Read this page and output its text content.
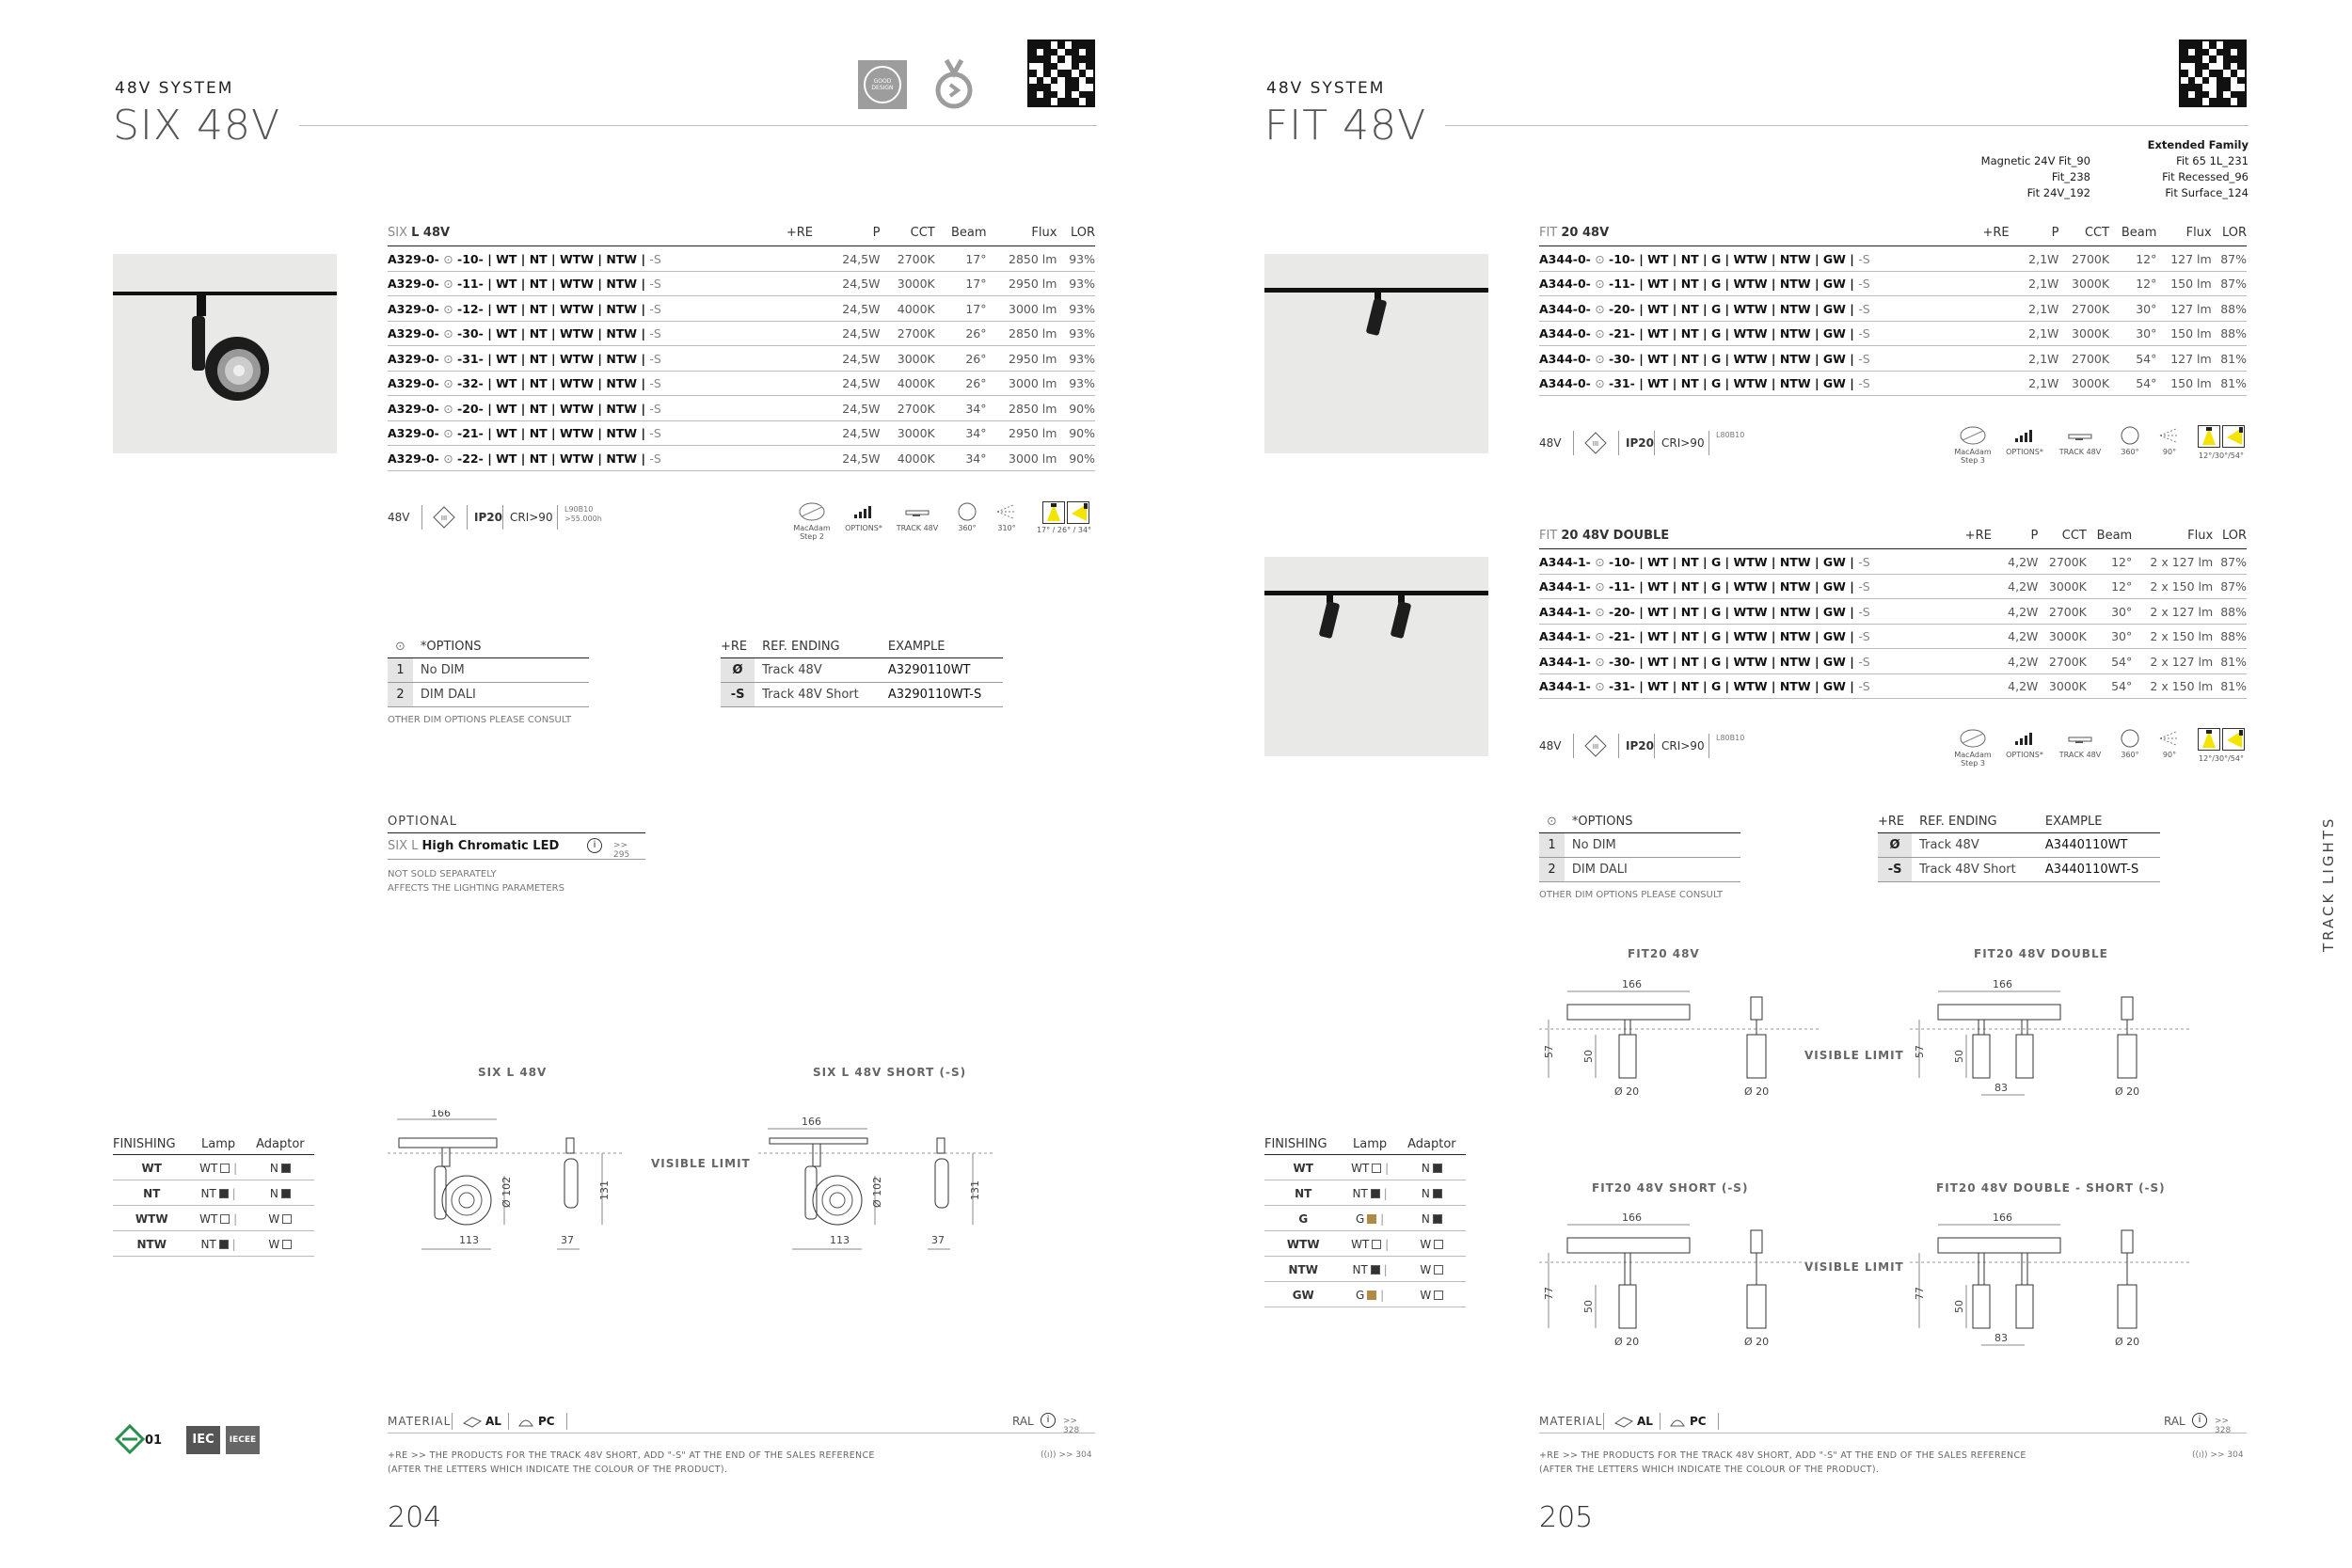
48V SYSTEM
SIX 48V
GOOD DESIGN
SIX L 48V	+RE	P	CCT	Beam	Flux	LOR
A329-0- ⊙ -10- | WT | NT | WTW | NTW | -S		24,5W	2700K	17°	2850 lm	93%
A329-0- ⊙ -11- | WT | NT | WTW | NTW | -S		24,5W	3000K	17°	2950 lm	93%
A329-0- ⊙ -12- | WT | NT | WTW | NTW | -S		24,5W	4000K	17°	3000 lm	93%
A329-0- ⊙ -30- | WT | NT | WTW | NTW | -S		24,5W	2700K	26°	2850 lm	93%
A329-0- ⊙ -31- | WT | NT | WTW | NTW | -S		24,5W	3000K	26°	2950 lm	93%
A329-0- ⊙ -32- | WT | NT | WTW | NTW | -S		24,5W	4000K	26°	3000 lm	93%
A329-0- ⊙ -20- | WT | NT | WTW | NTW | -S		24,5W	2700K	34°	2850 lm	90%
A329-0- ⊙ -21- | WT | NT | WTW | NTW | -S		24,5W	3000K	34°	2950 lm	90%
A329-0- ⊙ -22- | WT | NT | WTW | NTW | -S		24,5W	4000K	34°	3000 lm	90%
48V	III IP20 CRI>90
L90B10
>55.000h
MacAdam Step 2
OPTIONS* TRACK 48V	360°	310°	17° / 26° / 34°
⊙	*OPTIONS
1	No DIM
2	DIM DALI
OTHER DIM OPTIONS PLEASE CONSULT
+RE	REF. ENDING	EXAMPLE
Ø	Track 48V	A3290110WT
-S	Track 48V Short	A3290110WT-S
OPTIONAL
SIX L High Chromatic LED	i	>> 295
NOT SOLD SEPARATELY
AFFECTS THE LIGHTING PARAMETERS
SIX L 48V	SIX L 48V SHORT (-S)
VISIBLE LIMIT
166
Ø 102	131
113	37
166
Ø 102	131
113	37
FINISHING	Lamp	Adaptor
WT	WT |	N
NT	NT |	N
WTW	WT |	W
NTW	NT |	W
01	IEC	IECEE
MATERIAL	AL	PC	RAL	i	>> 328
+RE >> THE PRODUCTS FOR THE TRACK 48V SHORT, ADD "-S" AT THE END OF THE SALES REFERENCE
(AFTER THE LETTERS WHICH INDICATE THE COLOUR OF THE PRODUCT).
((ı)) >> 304
204
48V SYSTEM
FIT 48V	Extended Family
Magnetic 24V Fit_90
Fit_238
Fit 24V_192
Fit 65 1L_231
Fit Recessed_96
Fit Surface_124
FIT 20 48V	+RE	P	CCT	Beam	Flux	LOR
A344-0- ⊙ -10- | WT | NT | G | WTW | NTW | GW | -S		2,1W	2700K	12°	127 lm	87%
A344-0- ⊙ -11- | WT | NT | G | WTW | NTW | GW | -S		2,1W	3000K	12°	150 lm	87%
A344-0- ⊙ -20- | WT | NT | G | WTW | NTW | GW | -S		2,1W	2700K	30°	127 lm	88%
A344-0- ⊙ -21- | WT | NT | G | WTW | NTW | GW | -S		2,1W	3000K	30°	150 lm	88%
A344-0- ⊙ -30- | WT | NT | G | WTW | NTW | GW | -S		2,1W	2700K	54°	127 lm	81%
A344-0- ⊙ -31- | WT | NT | G | WTW | NTW | GW | -S		2,1W	3000K	54°	150 lm	81%
48V	III IP20 CRI>90
L80B10
MacAdam Step 3
OPTIONS* TRACK 48V	360°	90°	12°/30°/54°
FIT 20 48V DOUBLE	+RE	P	CCT	Beam	Flux	LOR
A344-1- ⊙ -10- | WT | NT | G | WTW | NTW | GW | -S		4,2W	2700K	12°	2 x 127 lm	87%
A344-1- ⊙ -11- | WT | NT | G | WTW | NTW | GW | -S		4,2W	3000K	12°	2 x 150 lm	87%
A344-1- ⊙ -20- | WT | NT | G | WTW | NTW | GW | -S		4,2W	2700K	30°	2 x 127 lm	88%
A344-1- ⊙ -21- | WT | NT | G | WTW | NTW | GW | -S		4,2W	3000K	30°	2 x 150 lm	88%
A344-1- ⊙ -30- | WT | NT | G | WTW | NTW | GW | -S		4,2W	2700K	54°	2 x 127 lm	81%
A344-1- ⊙ -31- | WT | NT | G | WTW | NTW | GW | -S		4,2W	3000K	54°	2 x 150 lm	81%
48V	III IP20 CRI>90
L80B10
MacAdam Step 3
OPTIONS* TRACK 48V	360°	90°	12°/30°/54°
⊙	*OPTIONS
1	No DIM
2	DIM DALI
OTHER DIM OPTIONS PLEASE CONSULT
+RE	REF. ENDING	EXAMPLE
Ø	Track 48V	A3440110WT
-S	Track 48V Short	A3440110WT-S
FIT20 48V	FIT20 48V DOUBLE
FIT20 48V SHORT (-S)	FIT20 48V DOUBLE - SHORT (-S)
VISIBLE LIMIT
VISIBLE LIMIT
166
57	50
Ø 20	Ø 20
166
57	50
83	Ø 20
166
77
50
Ø 20	Ø 20
166
77
50
83	Ø 20
FINISHING	Lamp	Adaptor
WT	WT |	N
NT	NT |	N
G	G |	N
WTW	WT |	W
NTW	NT |	W
GW	G |	W
MATERIAL	AL	PC	RAL	i	>> 328
+RE >> THE PRODUCTS FOR THE TRACK 48V SHORT, ADD "-S" AT THE END OF THE SALES REFERENCE
(AFTER THE LETTERS WHICH INDICATE THE COLOUR OF THE PRODUCT).
((ı)) >> 304
205
TRACK LIGHTS
